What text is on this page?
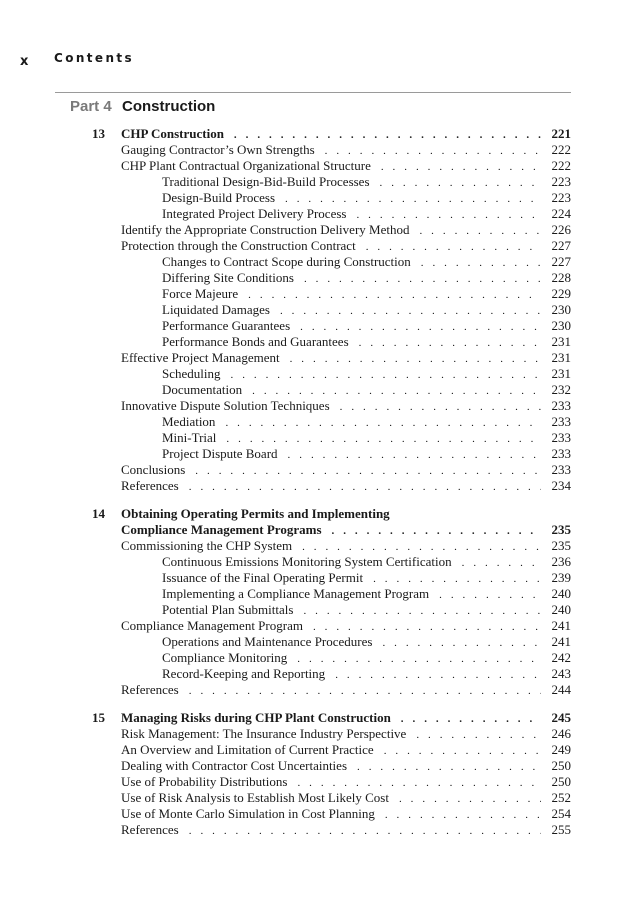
x Contents
Part 4 Construction
13 CHP Construction . . .	221
Gauging Contractor’s Own Strengths . . .	222
CHP Plant Contractual Organizational Structure . . .	222
Traditional Design-Bid-Build Processes . . .	223
Design-Build Process . . .	223
Integrated Project Delivery Process . . .	224
Identify the Appropriate Construction Delivery Method . . .	226
Protection through the Construction Contract . . .	227
Changes to Contract Scope during Construction . . .	227
Differing Site Conditions . . .	228
Force Majeure . . .	229
Liquidated Damages . . .	230
Performance Guarantees . . .	230
Performance Bonds and Guarantees . . .	231
Effective Project Management . . .	231
Scheduling . . .	231
Documentation . . .	232
Innovative Dispute Solution Techniques . . .	233
Mediation . . .	233
Mini-Trial . . .	233
Project Dispute Board . . .	233
Conclusions . . .	233
References . . .	234
14 Obtaining Operating Permits and Implementing
Compliance Management Programs . . .	235
Commissioning the CHP System . . .	235
Continuous Emissions Monitoring System Certification . . .	236
Issuance of the Final Operating Permit . . .	239
Implementing a Compliance Management Program . . .	240
Potential Plan Submittals . . .	240
Compliance Management Program . . .	241
Operations and Maintenance Procedures . . .	241
Compliance Monitoring . . .	242
Record-Keeping and Reporting . . .	243
References . . .	244
15 Managing Risks during CHP Plant Construction . . .	245
Risk Management: The Insurance Industry Perspective . . .	246
An Overview and Limitation of Current Practice . . .	249
Dealing with Contractor Cost Uncertainties . . .	250
Use of Probability Distributions . . .	250
Use of Risk Analysis to Establish Most Likely Cost . . .	252
Use of Monte Carlo Simulation in Cost Planning . . .	254
References . . .	255
